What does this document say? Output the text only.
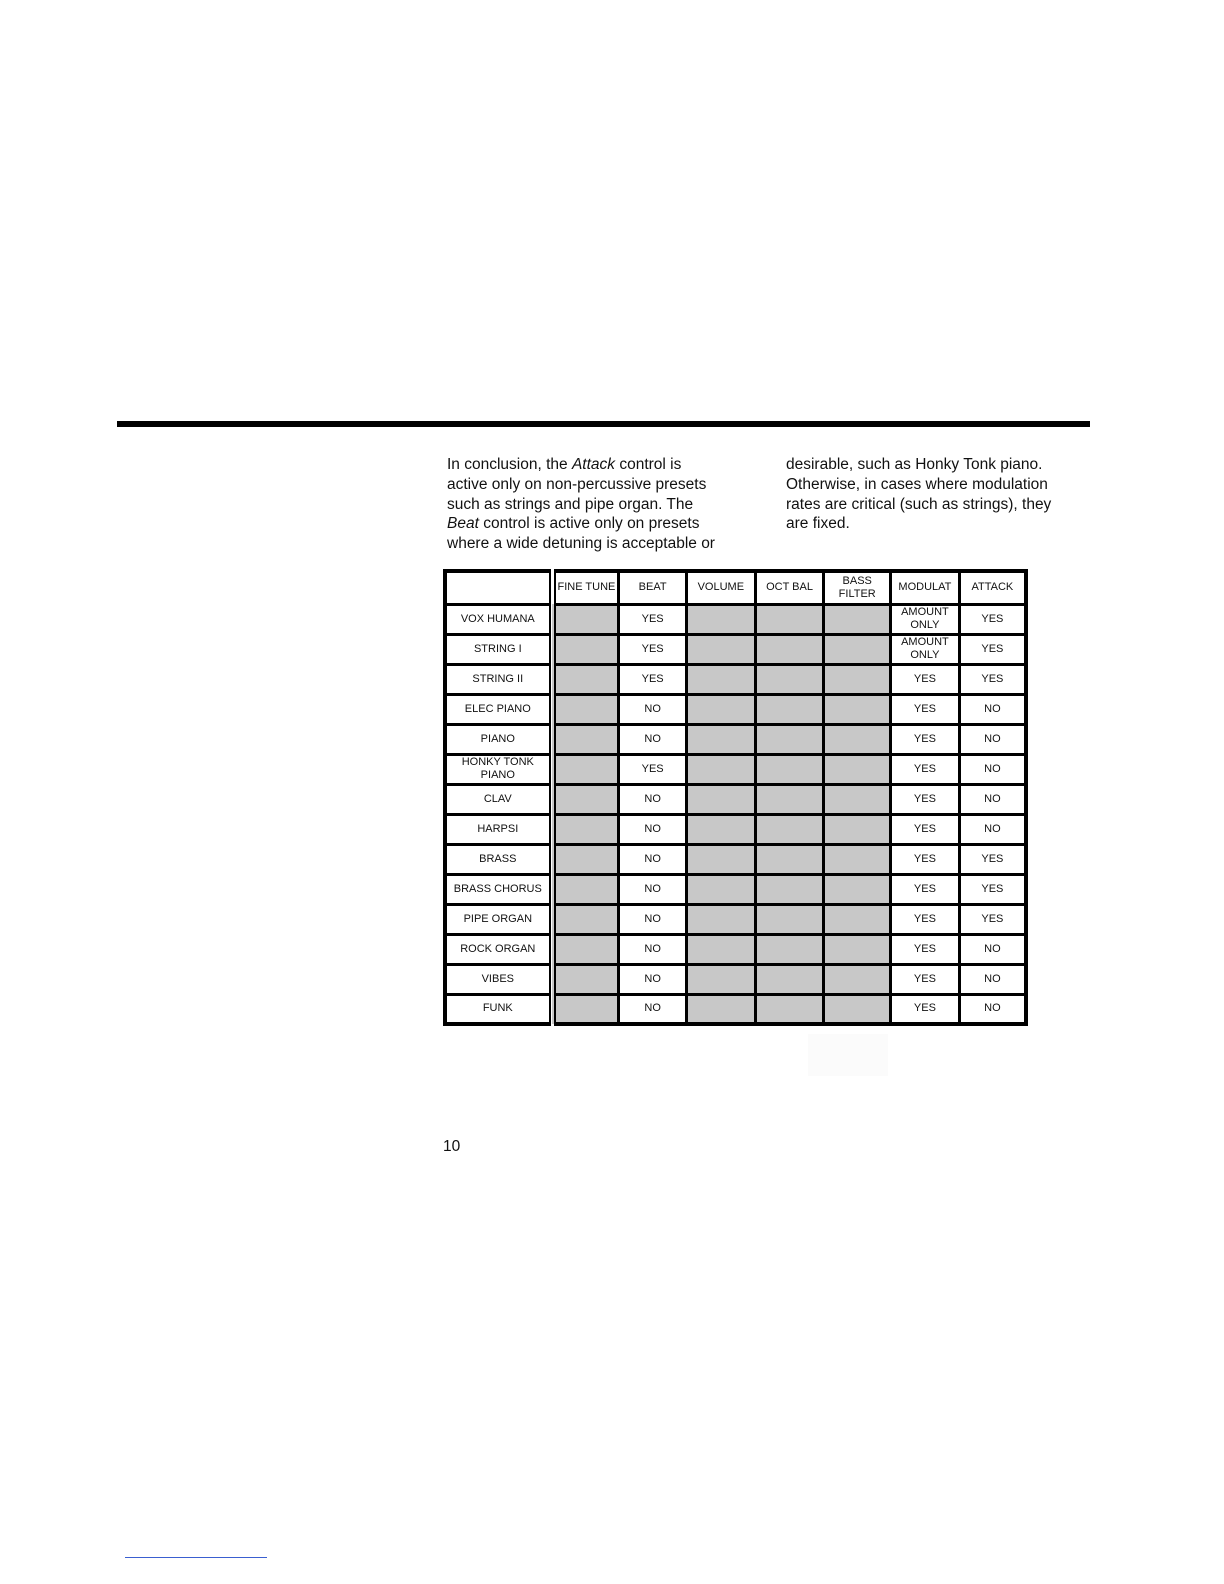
In conclusion, the Attack control is
active only on non-percussive presets
such as strings and pipe organ. The
Beat control is active only on presets
where a wide detuning is acceptable or
desirable, such as Honky Tonk piano.
Otherwise, in cases where modulation
rates are critical (such as strings), they
are fixed.
	FINE TUNE	BEAT	VOLUME	OCT BAL	BASS FILTER	MODULAT	ATTACK
VOX HUMANA		YES				AMOUNT ONLY	YES
STRING I		YES				AMOUNT ONLY	YES
STRING II		YES				YES	YES
ELEC PIANO		NO				YES	NO
PIANO		NO				YES	NO
HONKY TONK PIANO		YES				YES	NO
CLAV		NO				YES	NO
HARPSI		NO				YES	NO
BRASS		NO				YES	YES
BRASS CHORUS		NO				YES	YES
PIPE ORGAN		NO				YES	YES
ROCK ORGAN		NO				YES	NO
VIBES		NO				YES	NO
FUNK		NO				YES	NO
10
